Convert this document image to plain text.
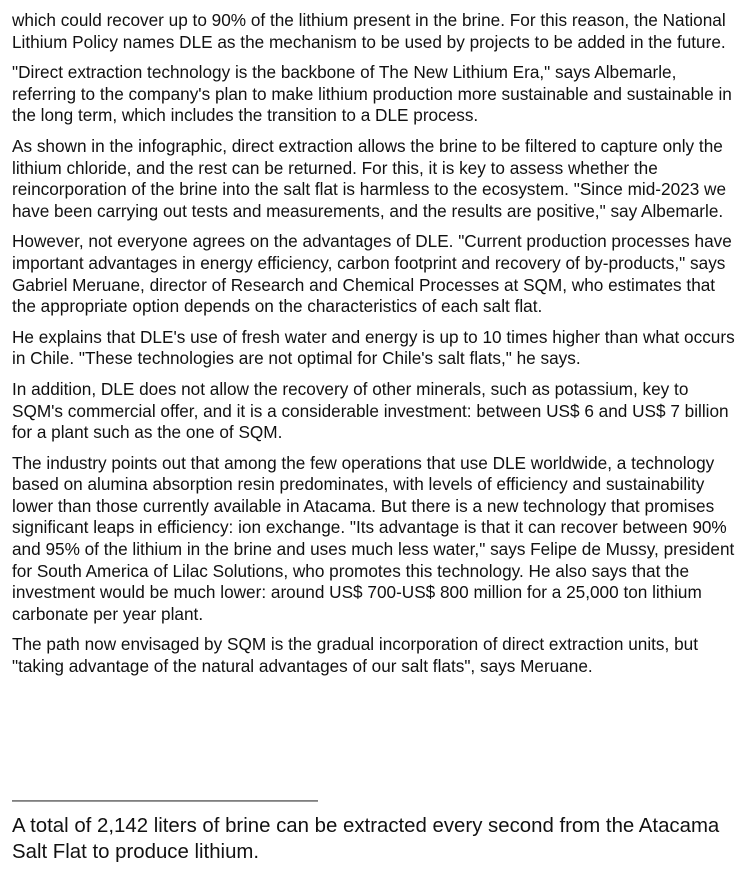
which could recover up to 90% of the lithium present in the brine. For this reason, the National Lithium Policy names DLE as the mechanism to be used by projects to be added in the future.

"Direct extraction technology is the backbone of The New Lithium Era," says Albemarle, referring to the company's plan to make lithium production more sustainable and sustainable in the long term, which includes the transition to a DLE process.

As shown in the infographic, direct extraction allows the brine to be filtered to capture only the lithium chloride, and the rest can be returned. For this, it is key to assess whether the reincorporation of the brine into the salt flat is harmless to the ecosystem. "Since mid-2023 we have been carrying out tests and measurements, and the results are positive," say Albemarle.

However, not everyone agrees on the advantages of DLE. "Current production processes have important advantages in energy efficiency, carbon footprint and recovery of by-products," says Gabriel Meruane, director of Research and Chemical Processes at SQM, who estimates that the appropriate option depends on the characteristics of each salt flat.

He explains that DLE's use of fresh water and energy is up to 10 times higher than what occurs in Chile. "These technologies are not optimal for Chile's salt flats," he says.

In addition, DLE does not allow the recovery of other minerals, such as potassium, key to SQM's commercial offer, and it is a considerable investment: between US$ 6 and US$ 7 billion for a plant such as the one of SQM.

The industry points out that among the few operations that use DLE worldwide, a technology based on alumina absorption resin predominates, with levels of efficiency and sustainability lower than those currently available in Atacama. But there is a new technology that promises significant leaps in efficiency: ion exchange. "Its advantage is that it can recover between 90% and 95% of the lithium in the brine and uses much less water," says Felipe de Mussy, president for South America of Lilac Solutions, who promotes this technology. He also says that the investment would be much lower: around US$ 700-US$ 800 million for a 25,000 ton lithium carbonate per year plant.

The path now envisaged by SQM is the gradual incorporation of direct extraction units, but "taking advantage of the natural advantages of our salt flats", says Meruane.

——————————————————

A total of 2,142 liters of brine can be extracted every second from the Atacama Salt Flat to produce lithium.
